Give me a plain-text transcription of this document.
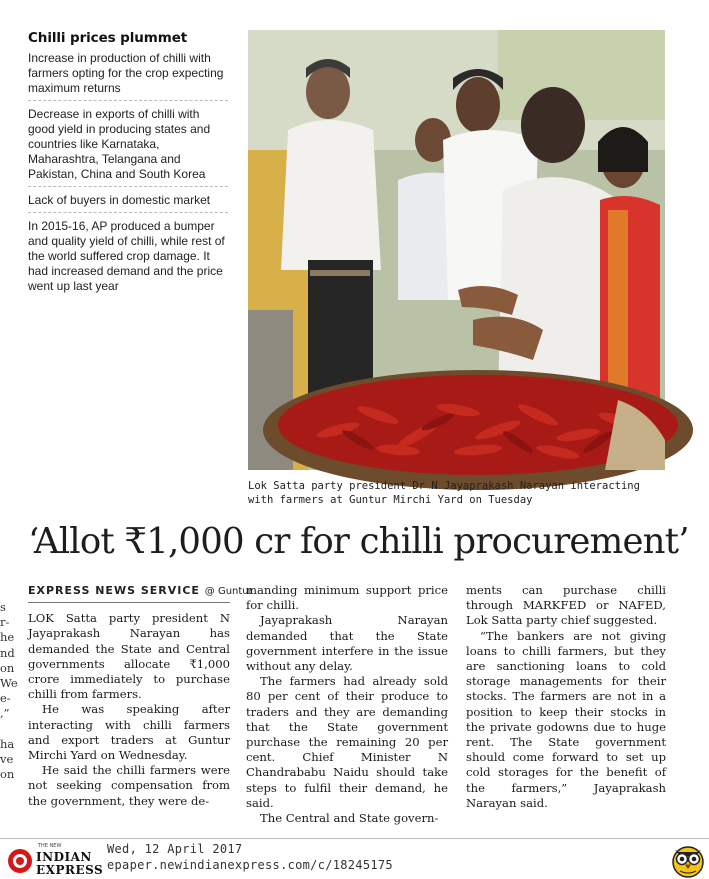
Chilli prices plummet
Increase in production of chilli with farmers opting for the crop expecting maximum returns
Decrease in exports of chilli with good yield in producing states and countries like Karnataka, Maharashtra, Telangana and Pakistan, China and South Korea
Lack of buyers in domestic market
In 2015-16, AP produced a bumper and quality yield of chilli, while rest of the world suffered crop damage. It had increased demand and the price went up last year
Lok Satta party president Dr N Jayaprakash Narayan interacting with farmers at Guntur Mirchi Yard on Tuesday
‘Allot ₹1,000 cr for chilli procurement’
s
r-
he
nd
on
We
e-
,”

ha
ve
on
EXPRESS NEWS SERVICE @ Guntur

LOK Satta party president N Jayaprakash Narayan has demanded the State and Central governments allocate ₹1,000 crore immediately to purchase chilli from farmers.

He was speaking after interacting with chilli farmers and export traders at Guntur Mirchi Yard on Wednesday.

He said the chilli farmers were not seeking compensation from the government, they were de-

manding minimum support price for chilli.

Jayaprakash Narayan demanded that the State government interfere in the issue without any delay.

The farmers had already sold 80 per cent of their produce to traders and they are demanding that the State government purchase the remaining 20 per cent. Chief Minister N Chandrababu Naidu should take steps to fulfil their demand, he said.

The Central and State govern-

ments can purchase chilli through MARKFED or NAFED, Lok Satta party chief suggested.

“The bankers are not giving loans to chilli farmers, but they are sanctioning loans to cold storage managements for their stocks. The farmers are not in a position to keep their stocks in the private godowns due to huge rent. The State government should come forward to set up cold storages for the benefit of the farmers,” Jayaprakash Narayan said.

THE NEW
INDIAN
EXPRESS
Wed, 12 April 2017
epaper.newindianexpress.com/c/18245175
